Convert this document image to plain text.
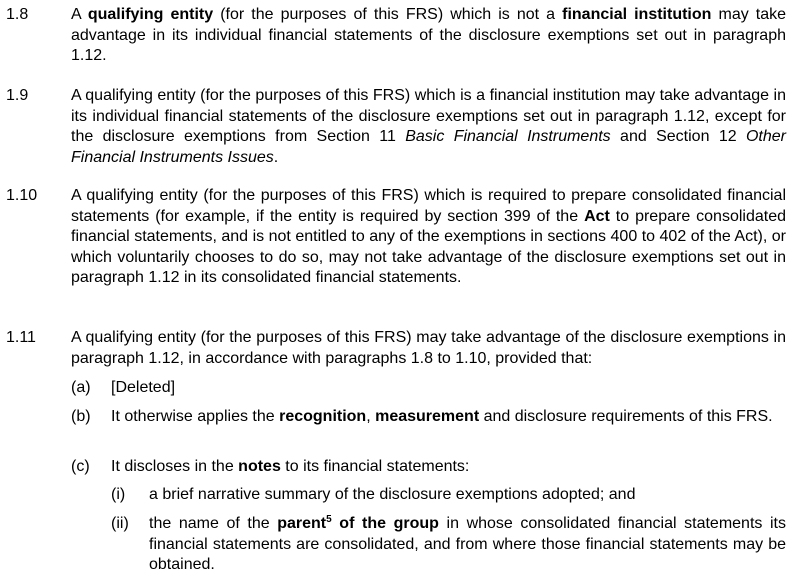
1.8	A qualifying entity (for the purposes of this FRS) which is not a financial institution may take advantage in its individual financial statements of the disclosure exemptions set out in paragraph 1.12.
1.9	A qualifying entity (for the purposes of this FRS) which is a financial institution may take advantage in its individual financial statements of the disclosure exemptions set out in paragraph 1.12, except for the disclosure exemptions from Section 11 Basic Financial Instruments and Section 12 Other Financial Instruments Issues.
1.10 A qualifying entity (for the purposes of this FRS) which is required to prepare consolidated financial statements (for example, if the entity is required by section 399 of the Act to prepare consolidated financial statements, and is not entitled to any of the exemptions in sections 400 to 402 of the Act), or which voluntarily chooses to do so, may not take advantage of the disclosure exemptions set out in paragraph 1.12 in its consolidated financial statements.
1.11 A qualifying entity (for the purposes of this FRS) may take advantage of the disclosure exemptions in paragraph 1.12, in accordance with paragraphs 1.8 to 1.10, provided that:
(a) [Deleted]
(b) It otherwise applies the recognition, measurement and disclosure requirements of this FRS.
(c) It discloses in the notes to its financial statements:
(i) a brief narrative summary of the disclosure exemptions adopted; and
(ii) the name of the parent$^5$ of the group in whose consolidated financial statements its financial statements are consolidated, and from where those financial statements may be obtained.
